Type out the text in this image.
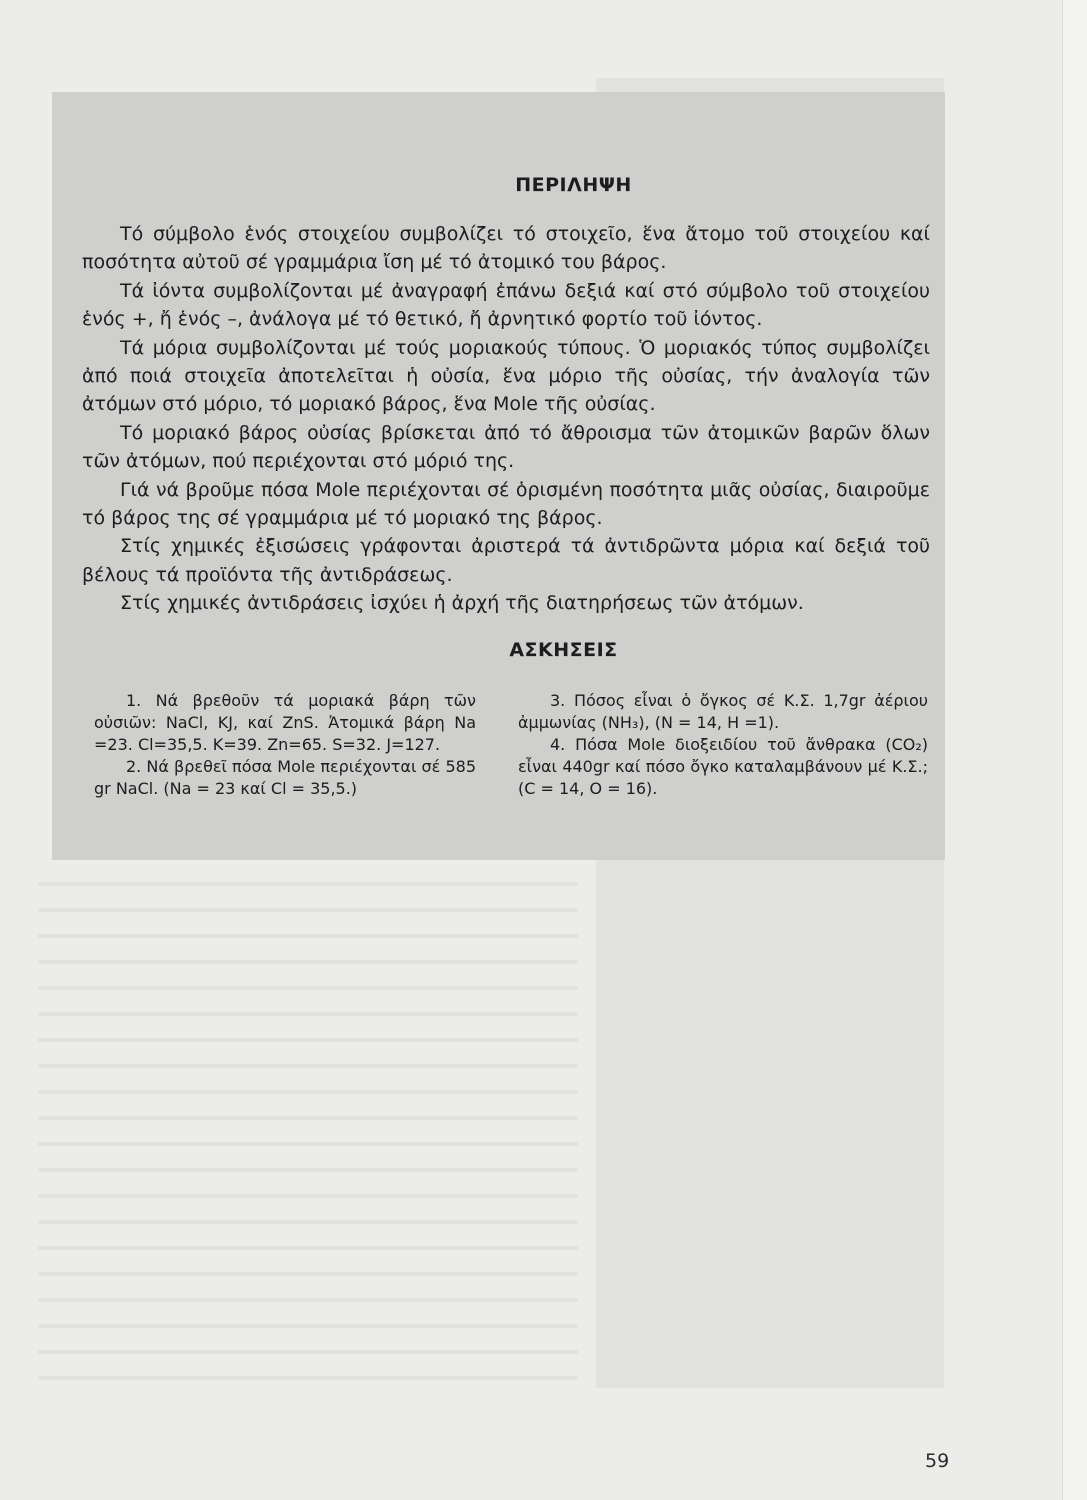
ΠΕΡΙΛΗΨΗ

Τό σύμβολο ἑνός στοιχείου συμβολίζει τό στοιχεῖο, ἕνα ἄτομο τοῦ στοιχείου καί ποσότητα αὐτοῦ σέ γραμμάρια ἴση μέ τό ἀτομικό του βάρος.

Τά ἰόντα συμβολίζονται μέ ἀναγραφή ἐπάνω δεξιά καί στό σύμβολο τοῦ στοιχείου ἑνός +, ἤ ἑνός –, ἀνάλογα μέ τό θετικό, ἤ ἀρνητικό φορτίο τοῦ ἰόντος.

Τά μόρια συμβολίζονται μέ τούς μοριακούς τύπους. Ὁ μοριακός τύπος συμβολίζει ἀπό ποιά στοιχεῖα ἀποτελεῖται ἡ οὐσία, ἕνα μόριο τῆς οὐσίας, τήν ἀναλογία τῶν ἀτόμων στό μόριο, τό μοριακό βάρος, ἕνα Mole τῆς οὐσίας.

Τό μοριακό βάρος οὐσίας βρίσκεται ἀπό τό ἄθροισμα τῶν ἀτομικῶν βαρῶν ὅλων τῶν ἀτόμων, πού περιέχονται στό μόριό της.

Γιά νά βροῦμε πόσα Mole περιέχονται σέ ὁρισμένη ποσότητα μιᾶς οὐσίας, διαιροῦμε τό βάρος της σέ γραμμάρια μέ τό μοριακό της βάρος.

Στίς χημικές ἐξισώσεις γράφονται ἀριστερά τά ἀντιδρῶντα μόρια καί δεξιά τοῦ βέλους τά προϊόντα τῆς ἀντιδράσεως.

Στίς χημικές ἀντιδράσεις ἰσχύει ἡ ἀρχή τῆς διατηρήσεως τῶν ἀτόμων.

ΑΣΚΗΣΕΙΣ

1. Νά βρεθοῦν τά μοριακά βάρη τῶν οὐσιῶν: NaCl, KJ, καί ZnS. Ἀτομικά βάρη Na =23. Cl=35,5. K=39. Zn=65. S=32. J=127.

2. Νά βρεθεῖ πόσα Mole περιέχονται σέ 585 gr NaCl. (Na = 23 καί Cl = 35,5.)

3. Πόσος εἶναι ὁ ὄγκος σέ Κ.Σ. 1,7gr ἀέριου ἀμμωνίας (NH₃), (N = 14, H =1).

4. Πόσα Mole διοξειδίου τοῦ ἄνθρακα (CO₂) εἶναι 440gr καί πόσο ὄγκο καταλαμβάνουν μέ Κ.Σ.; (C = 14, O = 16).

59
